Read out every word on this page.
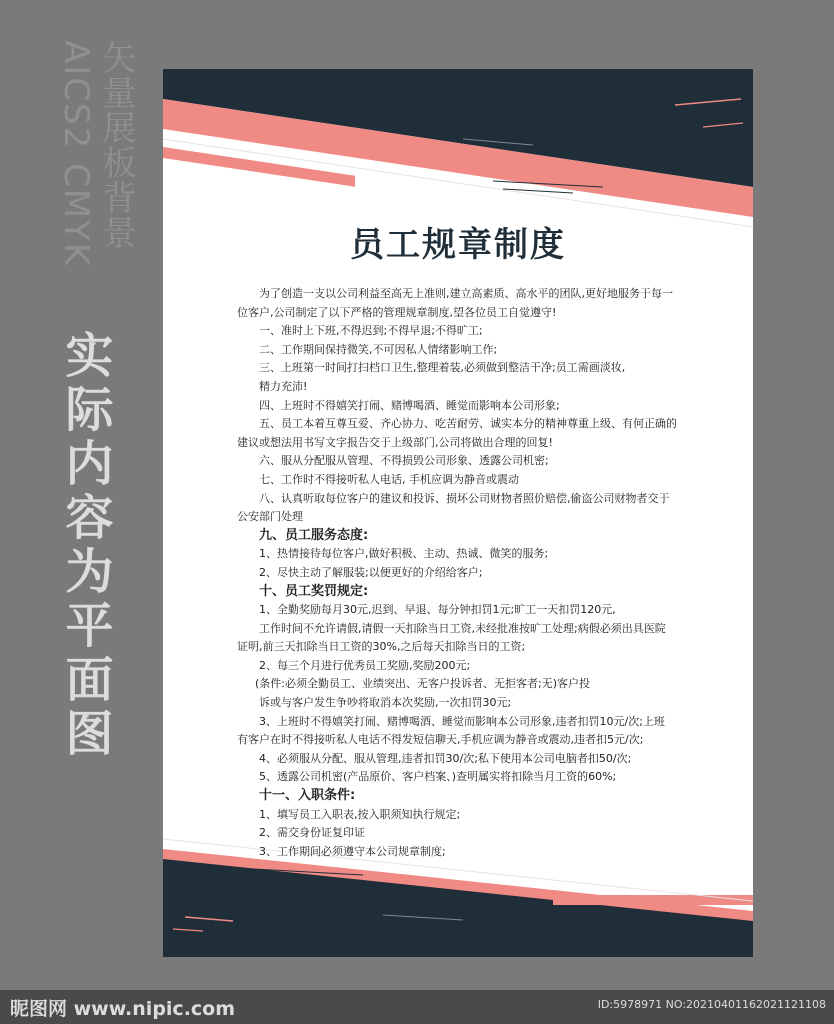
矢量展板背景
AICS2 CMYK
实际内容为平面图
员工规章制度
为了创造一支以公司利益至高无上准则,建立高素质、高水平的团队,更好地服务于每一
位客户,公司制定了以下严格的管理规章制度,望各位员工自觉遵守!
一、准时上下班,不得迟到;不得早退;不得旷工;
二、工作期间保持微笑,不可因私人情绪影响工作;
三、上班第一时间打扫档口卫生,整理着装,必须做到整洁干净;员工需画淡妆,
精力充沛!
四、上班时不得嬉笑打闹、赌博喝酒、睡觉而影响本公司形象;
五、员工本着互尊互爱、齐心协力、吃苦耐劳、诚实本分的精神尊重上级、有何正确的
建议或想法用书写文字报告交于上级部门,公司将做出合理的回复!
六、服从分配服从管理、不得损毁公司形象、透露公司机密;
七、工作时不得接听私人电话, 手机应调为静音或震动
八、认真听取每位客户的建议和投诉、损坏公司财物者照价赔偿,偷盗公司财物者交于
公安部门处理
九、员工服务态度:
1、热情接待每位客户,做好积极、主动、热诚、微笑的服务;
2、尽快主动了解服装;以便更好的介绍给客户;
十、员工奖罚规定:
1、全勤奖励每月30元,迟到、早退、每分钟扣罚1元;旷工一天扣罚120元,
工作时间不允许请假,请假一天扣除当日工资,未经批准按旷工处理;病假必须出具医院
证明,前三天扣除当日工资的30%,之后每天扣除当日的工资;
2、每三个月进行优秀员工奖励,奖励200元;
(条件:必须全勤员工、业绩突出、无客户投诉者、无拒客者;无)客户投
诉或与客户发生争吵将取消本次奖励,一次扣罚30元;
3、上班时不得嬉笑打闹、赌博喝酒、睡觉而影响本公司形象,违者扣罚10元/次;上班
有客户在时不得接听私人电话不得发短信聊天,手机应调为静音或震动,违者扣5元/次;
4、必须服从分配、服从管理,违者扣罚30/次;私下使用本公司电脑者扣50/次;
5、透露公司机密(产品原价、客户档案、)查明属实将扣除当月工资的60%;
十一、入职条件:
1、填写员工入职表,按入职须知执行规定;
2、需交身份证复印证
3、工作期间必须遵守本公司规章制度;
昵图网 www.nipic.com	ID:5978971 NO:20210401162021121108
